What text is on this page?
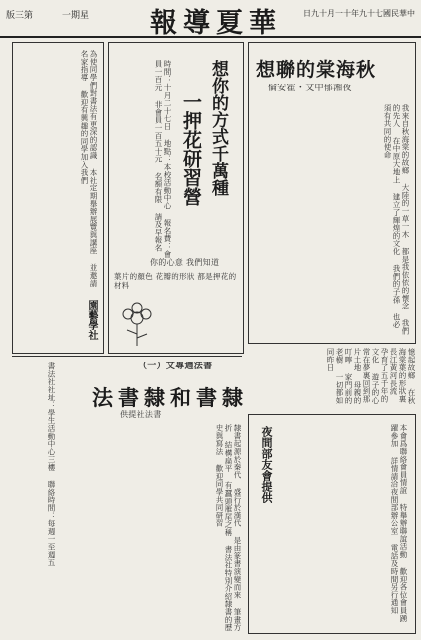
版三第	一期星 報導夏華	日九十月一十年九十七國民華中
想聯的棠海秋
倫安霍・文中郁湘夜
我來自秋海棠的故鄉 大陸的一草一木 都是我依依的懷念 我們的先人 在中原大地上 建立了輝煌的文化 我們的子孫 也必須有共同的使命
憶起故鄉 在秋海棠葉的形狀裏 長江黃河長流 孕育了五千年的文化 遊子的心 常在夢裏回到那片土地 母親的叮嚀 家門前的老樹 一切都如同昨日
夜間部友會提供	本會爲聯絡會員情誼 特舉辦聯誼活動 歡迎各位會員踴躍參加 詳情請洽夜間部辦公室 電話及時間另行通知
想你的方式千萬種
一押花研習營
時間：十月二十七日 地點：本校活動中心 報名費：會員一百元 非會員一百五十元 名額有限 請及早報名
你的心意 我們知道
葉片的顏色 花瓣的形狀 都是押花的材料
園藝學社
為使同學們對書法有更深的認識 本社定期舉辦展覽與講座 並邀請名家指導 歡迎有興趣的同學加入我們
（一）文專週法書
法書隸和書隸
供提社法書
隸書起源於秦代 盛行於漢代 是由篆書演變而來 筆畫方折 結構扁平 有蠶頭雁尾之稱 書法社特別介紹隸書的歷史與寫法 歡迎同學共同研習
書法社社址：學生活動中心三樓 聯絡時間：每週一至週五
